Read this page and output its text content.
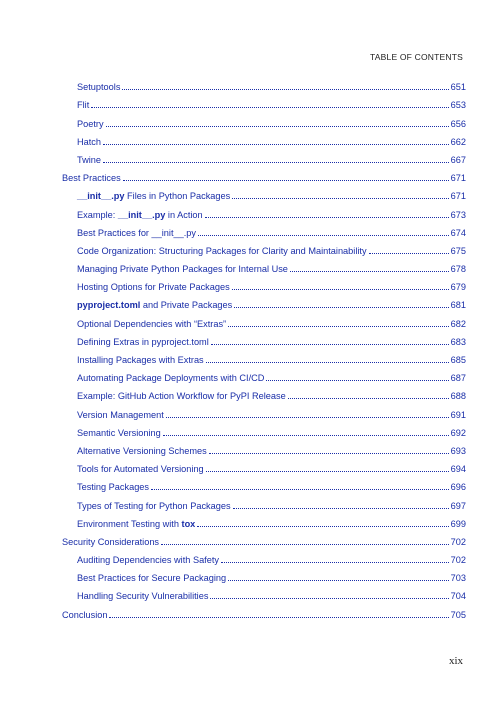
TABLE OF CONTENTS
Setuptools	651
Flit	653
Poetry	656
Hatch	662
Twine	667
Best Practices	671
__init__.py Files in Python Packages	671
Example: __init__.py in Action	673
Best Practices for __init__.py	674
Code Organization: Structuring Packages for Clarity and Maintainability	675
Managing Private Python Packages for Internal Use	678
Hosting Options for Private Packages	679
pyproject.toml and Private Packages	681
Optional Dependencies with “Extras”	682
Defining Extras in pyproject.toml	683
Installing Packages with Extras	685
Automating Package Deployments with CI/CD	687
Example: GitHub Action Workflow for PyPI Release	688
Version Management	691
Semantic Versioning	692
Alternative Versioning Schemes	693
Tools for Automated Versioning	694
Testing Packages	696
Types of Testing for Python Packages	697
Environment Testing with tox	699
Security Considerations	702
Auditing Dependencies with Safety	702
Best Practices for Secure Packaging	703
Handling Security Vulnerabilities	704
Conclusion	705
xix
